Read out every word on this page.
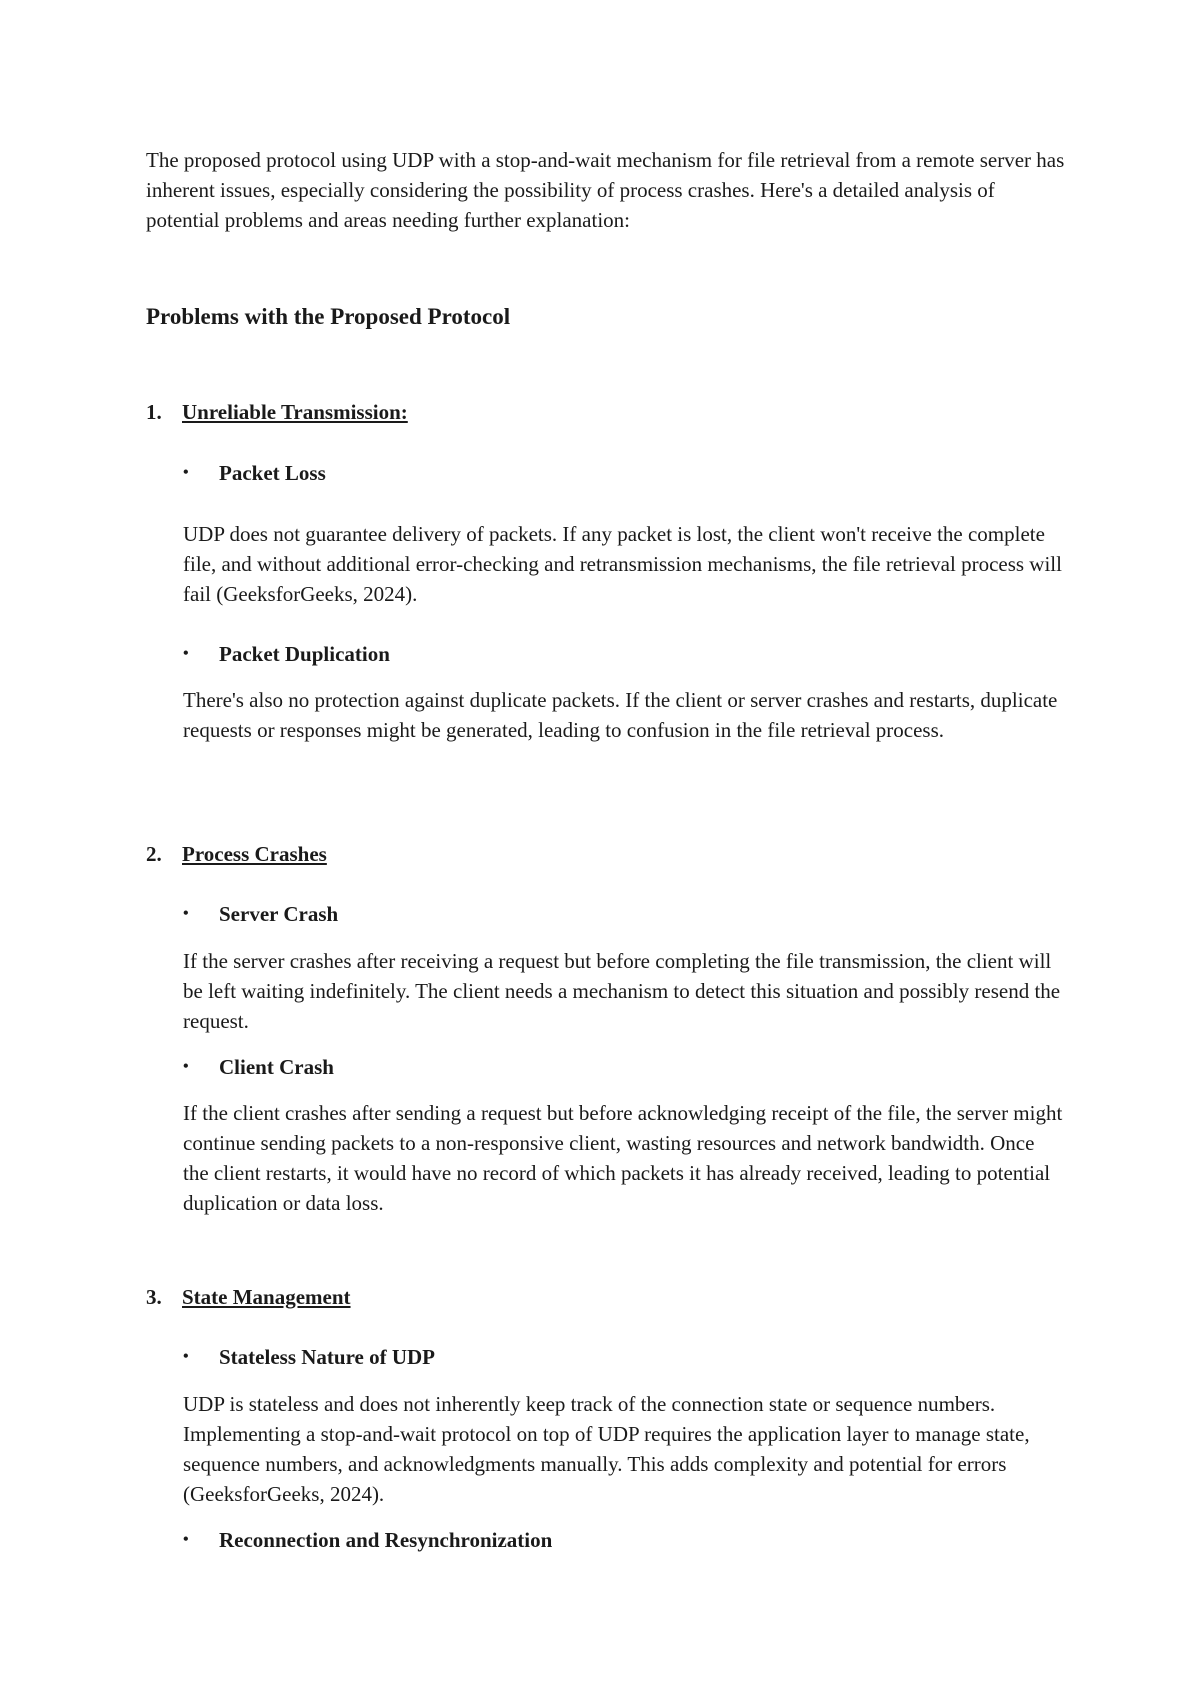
The proposed protocol using UDP with a stop-and-wait mechanism for file retrieval from a remote server has inherent issues, especially considering the possibility of process crashes. Here's a detailed analysis of potential problems and areas needing further explanation:

Problems with the Proposed Protocol
1. Unreliable Transmission:
• Packet Loss

UDP does not guarantee delivery of packets. If any packet is lost, the client won't receive the complete file, and without additional error-checking and retransmission mechanisms, the file retrieval process will fail (GeeksforGeeks, 2024).

• Packet Duplication

There's also no protection against duplicate packets. If the client or server crashes and restarts, duplicate requests or responses might be generated, leading to confusion in the file retrieval process.

2. Process Crashes
• Server Crash

If the server crashes after receiving a request but before completing the file transmission, the client will be left waiting indefinitely. The client needs a mechanism to detect this situation and possibly resend the request.

• Client Crash

If the client crashes after sending a request but before acknowledging receipt of the file, the server might continue sending packets to a non-responsive client, wasting resources and network bandwidth. Once the client restarts, it would have no record of which packets it has already received, leading to potential duplication or data loss.

3. State Management
• Stateless Nature of UDP

UDP is stateless and does not inherently keep track of the connection state or sequence numbers. Implementing a stop-and-wait protocol on top of UDP requires the application layer to manage state, sequence numbers, and acknowledgments manually. This adds complexity and potential for errors (GeeksforGeeks, 2024).

• Reconnection and Resynchronization
